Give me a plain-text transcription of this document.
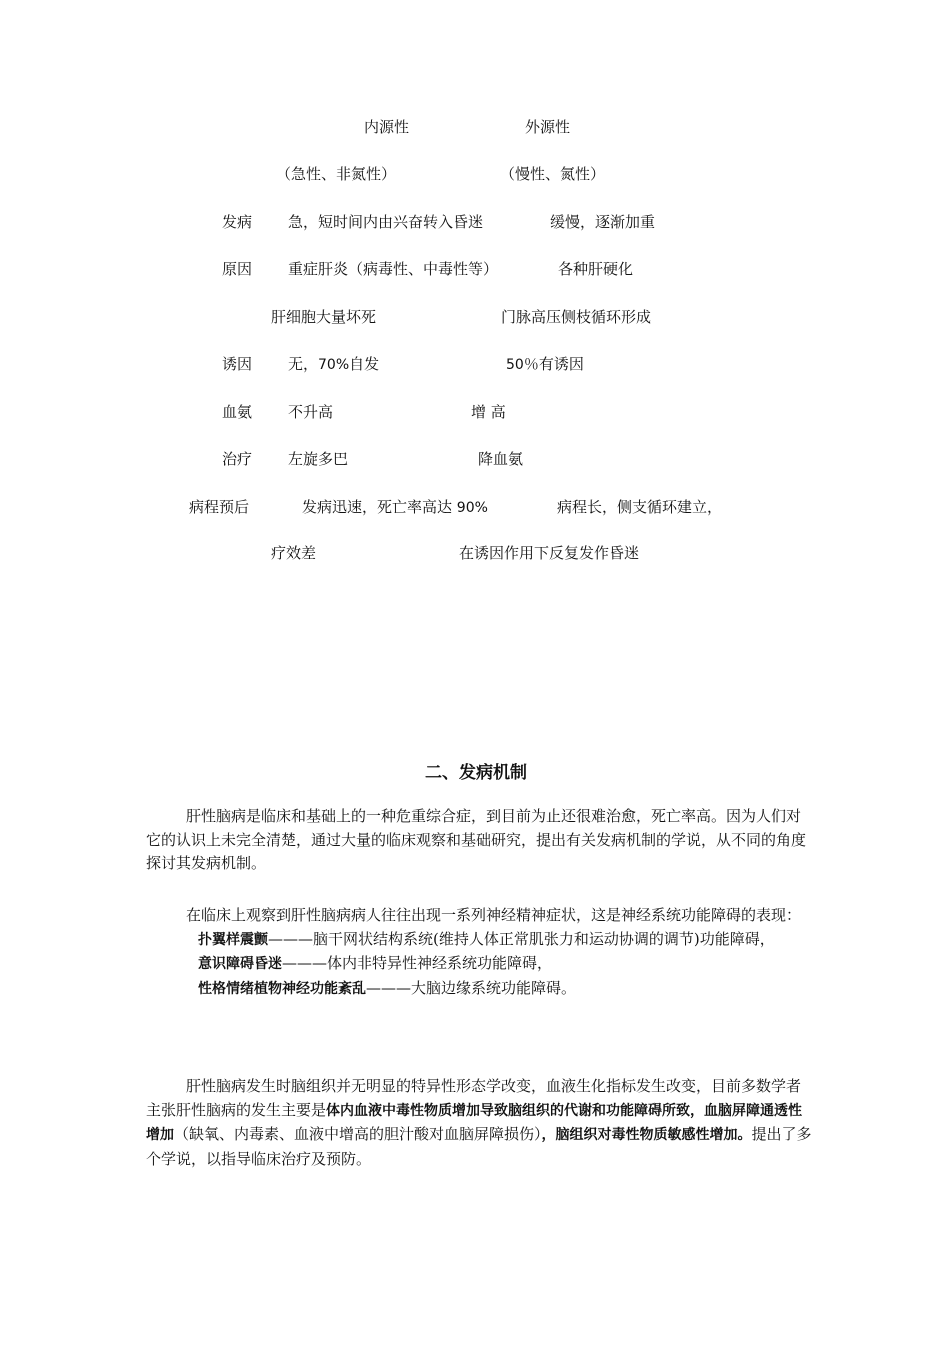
内源性	外源性
（急性、非氮性）	（慢性、氮性）
发病 急，短时间内由兴奋转入昏迷	缓慢，逐渐加重
原因 重症肝炎（病毒性、中毒性等）	各种肝硬化
肝细胞大量坏死	门脉高压侧枝循环形成
诱因 无，70%自发	50％有诱因
血氨 不升高	增 高
治疗 左旋多巴	降血氨
病程预后	发病迅速，死亡率高达 90%	病程长，侧支循环建立，
疗效差	在诱因作用下反复发作昏迷
二、发病机制

肝性脑病是临床和基础上的一种危重综合症，到目前为止还很难治愈，死亡率高。因为人们对它的认识上未完全清楚，通过大量的临床观察和基础研究，提出有关发病机制的学说，从不同的角度探讨其发病机制。

在临床上观察到肝性脑病病人往往出现一系列神经精神症状，这是神经系统功能障碍的表现：

扑翼样震颤———脑干网状结构系统(维持人体正常肌张力和运动协调的调节)功能障碍，

意识障碍昏迷———体内非特异性神经系统功能障碍，

性格情绪植物神经功能紊乱———大脑边缘系统功能障碍。

肝性脑病发生时脑组织并无明显的特异性形态学改变，血液生化指标发生改变，目前多数学者主张肝性脑病的发生主要是体内血液中毒性物质增加导致脑组织的代谢和功能障碍所致，血脑屏障通透性增加（缺氧、内毒素、血液中增高的胆汁酸对血脑屏障损伤），脑组织对毒性物质敏感性增加。提出了多个学说，以指导临床治疗及预防。
